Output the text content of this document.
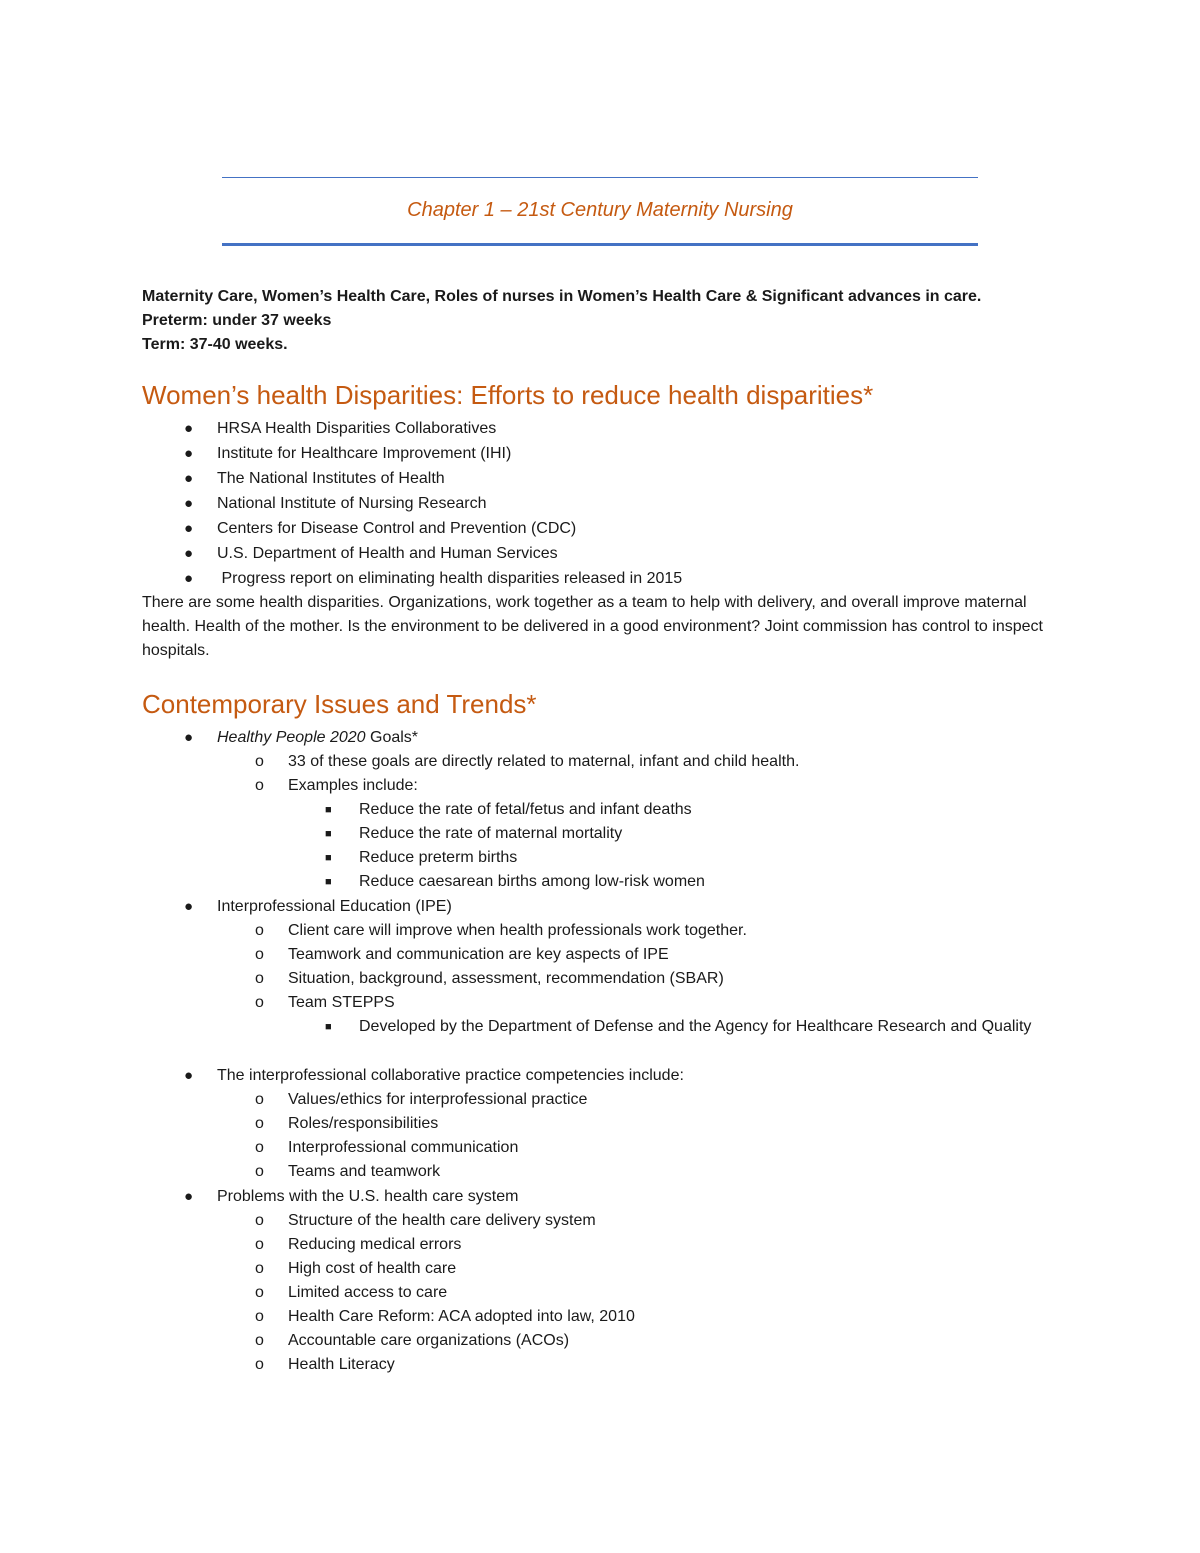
Chapter 1 – 21st Century Maternity Nursing
Maternity Care, Women’s Health Care, Roles of nurses in Women’s Health Care & Significant advances in care.
Preterm: under 37 weeks
Term: 37-40 weeks.
Women’s health Disparities: Efforts to reduce health disparities*
● HRSA Health Disparities Collaboratives
● Institute for Healthcare Improvement (IHI)
● The National Institutes of Health
● National Institute of Nursing Research
● Centers for Disease Control and Prevention (CDC)
● U.S. Department of Health and Human Services
● Progress report on eliminating health disparities released in 2015
There are some health disparities. Organizations, work together as a team to help with delivery, and overall improve maternal health. Health of the mother. Is the environment to be delivered in a good environment? Joint commission has control to inspect hospitals.
Contemporary Issues and Trends*
● Healthy People 2020 Goals*
o 33 of these goals are directly related to maternal, infant and child health.
o Examples include:
■ Reduce the rate of fetal/fetus and infant deaths
■ Reduce the rate of maternal mortality
■ Reduce preterm births
■ Reduce caesarean births among low-risk women
● Interprofessional Education (IPE)
o Client care will improve when health professionals work together.
o Teamwork and communication are key aspects of IPE
o Situation, background, assessment, recommendation (SBAR)
o Team STEPPS
■ Developed by the Department of Defense and the Agency for Healthcare Research and Quality
● The interprofessional collaborative practice competencies include:
o Values/ethics for interprofessional practice
o Roles/responsibilities
o Interprofessional communication
o Teams and teamwork
● Problems with the U.S. health care system
o Structure of the health care delivery system
o Reducing medical errors
o High cost of health care
o Limited access to care
o Health Care Reform: ACA adopted into law, 2010
o Accountable care organizations (ACOs)
o Health Literacy
